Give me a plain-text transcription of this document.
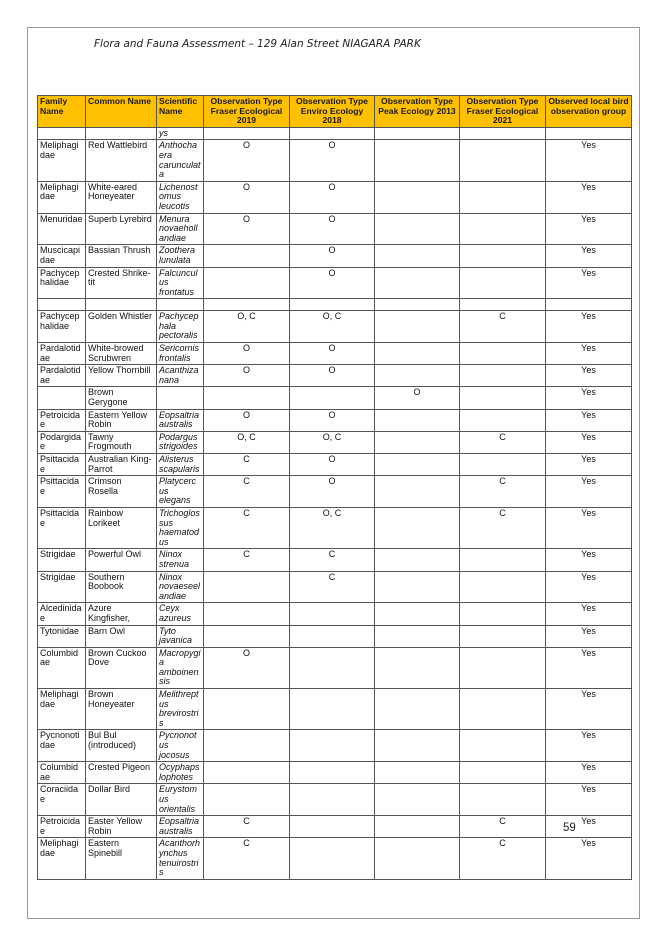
Flora and Fauna Assessment – 129 Alan Street NIAGARA PARK
Family Name	Common Name	Scientific Name	Observation Type Fraser Ecological 2019	Observation Type Enviro Ecology 2018	Observation Type Peak Ecology 2013	Observation Type Fraser Ecological 2021	Observed local bird observation group
		ys					
Meliphagidae	Red Wattlebird	Anthochaera carunculata	O	O			Yes
Meliphagidae	White-eared Honeyeater	Lichenostomus leucotis	O	O			Yes
Menuridae	Superb Lyrebird	Menura novaehollandiae	O	O			Yes
Muscicapidae	Bassian Thrush	Zoothera lunulata		O			Yes
Pachycephalidae	Crested Shrike-tit	Falcunculus frontatus		O			Yes

Pachycephalidae	Golden Whistler	Pachycephala pectoralis	O, C	O, C		C	Yes
Pardalotidae	White-browed Scrubwren	Sericornis frontalis	O	O			Yes
Pardalotidae	Yellow Thornbill	Acanthiza nana	O	O			Yes
	Brown Gerygone				O		Yes
Petroicidae	Eastern Yellow Robin	Eopsaltria australis	O	O			Yes
Podargidae	Tawny Frogmouth	Podargus strigoides	O, C	O, C		C	Yes
Psittacidae	Australian King-Parrot	Alisterus scapularis	C	O			Yes
Psittacidae	Crimson Rosella	Platycercus elegans	C	O		C	Yes
Psittacidae	Rainbow Lorikeet	Trichoglossus haematodus	C	O, C		C	Yes
Strigidae	Powerful Owl	Ninox strenua	C	C			Yes
Strigidae	Southern Boobook	Ninox novaeseelandiae		C			Yes
Alcedinidae	Azure Kingfisher,	Ceyx azureus					Yes
Tytonidae	Barn Owl	Tyto javanica					Yes
Columbidae	Brown Cuckoo Dove	Macropygia amboinensis	O				Yes
Meliphagidae	Brown Honeyeater	Melithreptus brevirostris					Yes
Pycnonotidae	Bul Bul (introduced)	Pycnonotus jocosus					Yes
Columbidae	Crested Pigeon	Ocyphaps lophotes					Yes
Coraciidae	Dollar Bird	Eurystomus orientalis					Yes
Petroicidae	Easter Yellow Robin	Eopsaltria australis	C			C	Yes
Meliphagidae	Eastern Spinebill	Acanthorhynchus tenuirostris	C			C	Yes
59
